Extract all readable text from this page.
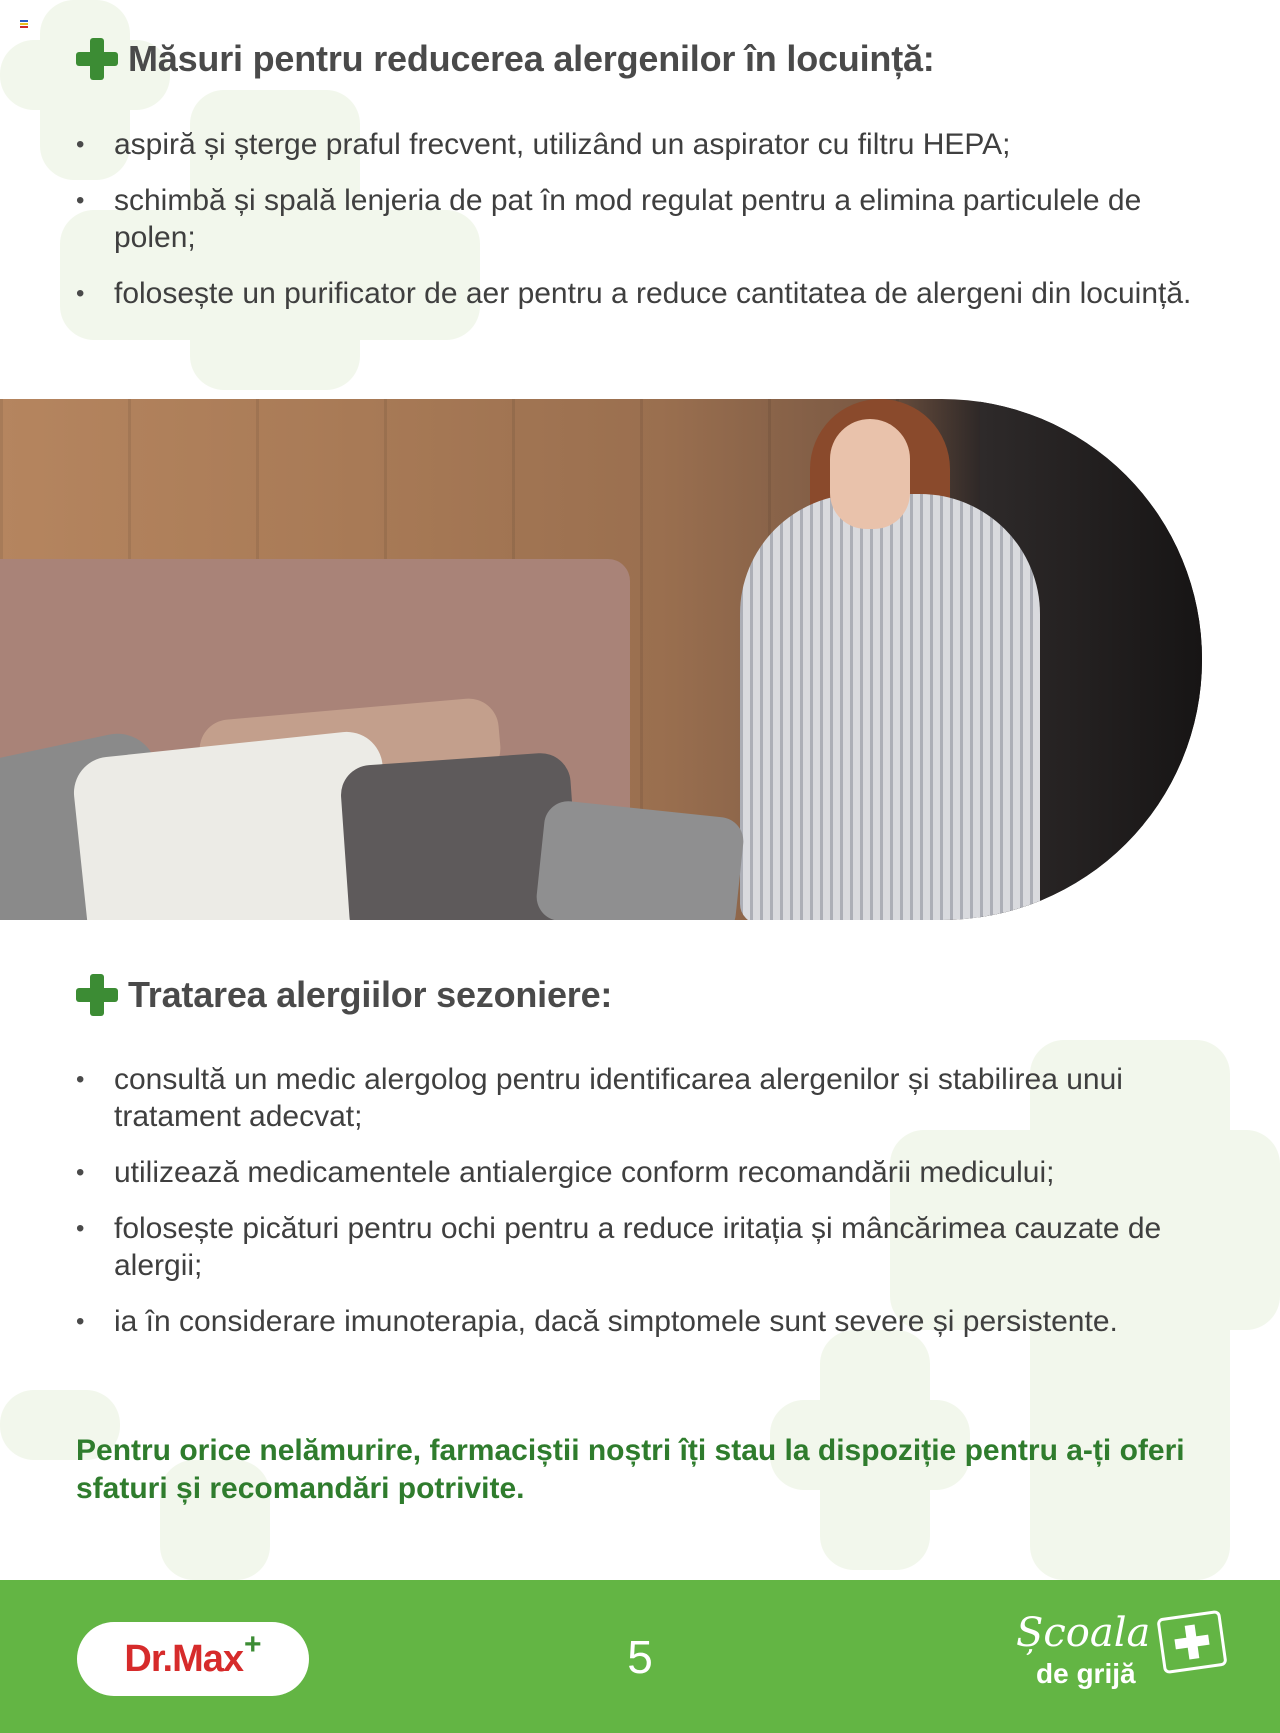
Măsuri pentru reducerea alergenilor în locuință:
• aspiră și șterge praful frecvent, utilizând un aspirator cu filtru HEPA;
• schimbă și spală lenjeria de pat în mod regulat pentru a elimina particulele de polen;
• folosește un purificator de aer pentru a reduce cantitatea de alergeni din locuință.
Tratarea alergiilor sezoniere:
• consultă un medic alergolog pentru identificarea alergenilor și stabilirea unui tratament adecvat;
• utilizează medicamentele antialergice conform recomandării medicului;
• folosește picături pentru ochi pentru a reduce iritația și mâncărimea cauzate de alergii;
• ia în considerare imunoterapia, dacă simptomele sunt severe și persistente.

Pentru orice nelămurire, farmaciștii noștri îți stau la dispoziție pentru a-ți oferi sfaturi și recomandări potrivite.

Dr.Max +	5	Școala
de grijă
